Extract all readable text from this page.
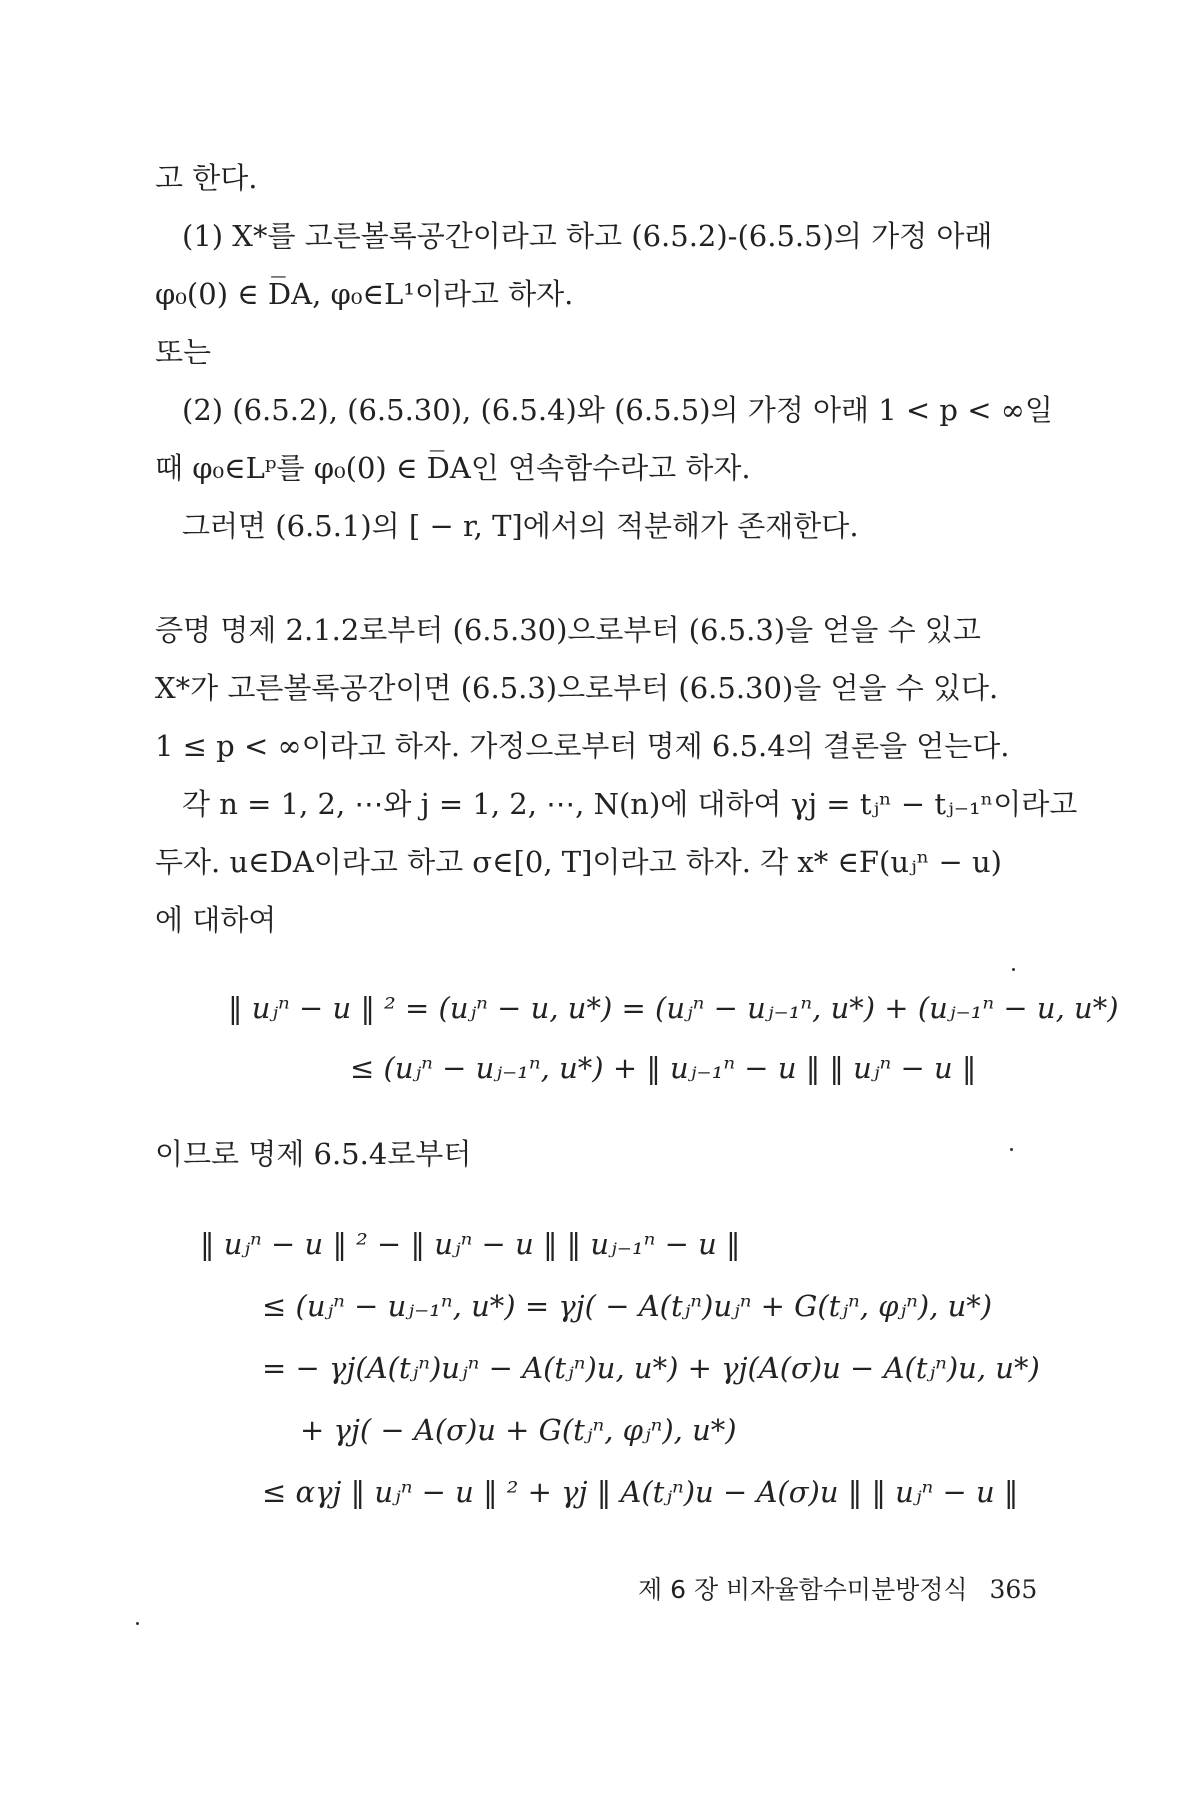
고 한다.
(1) X*를 고른볼록공간이라고 하고 (6.5.2)-(6.5.5)의 가정 아래
φ₀(0) ∈ D̅A, φ₀∈L¹이라고 하자.
또는
(2) (6.5.2), (6.5.30), (6.5.4)와 (6.5.5)의 가정 아래 1 < p < ∞일
때 φ₀∈Lᵖ를 φ₀(0) ∈ D̅A인 연속함수라고 하자.
그러면 (6.5.1)의 [ − r, T]에서의 적분해가 존재한다.
증명 명제 2.1.2로부터 (6.5.30)으로부터 (6.5.3)을 얻을 수 있고
X*가 고른볼록공간이면 (6.5.3)으로부터 (6.5.30)을 얻을 수 있다.
1 ≤ p < ∞이라고 하자. 가정으로부터 명제 6.5.4의 결론을 얻는다.
각 n = 1, 2, ⋯와 j = 1, 2, ⋯, N(n)에 대하여 γj = tⱼⁿ − tⱼ₋₁ⁿ이라고
두자. u∈DA이라고 하고 σ∈[0, T]이라고 하자. 각 x* ∈F(uⱼⁿ − u)
에 대하여
‖ uⱼⁿ − u ‖ ² = (uⱼⁿ − u, u*) = (uⱼⁿ − uⱼ₋₁ⁿ, u*) + (uⱼ₋₁ⁿ − u, u*)
≤ (uⱼⁿ − uⱼ₋₁ⁿ, u*) + ‖ uⱼ₋₁ⁿ − u ‖ ‖ uⱼⁿ − u ‖
이므로 명제 6.5.4로부터
‖ uⱼⁿ − u ‖ ² − ‖ uⱼⁿ − u ‖ ‖ uⱼ₋₁ⁿ − u ‖
≤ (uⱼⁿ − uⱼ₋₁ⁿ, u*) = γj( − A(tⱼⁿ)uⱼⁿ + G(tⱼⁿ, φⱼⁿ), u*)
= − γj(A(tⱼⁿ)uⱼⁿ − A(tⱼⁿ)u, u*) + γj(A(σ)u − A(tⱼⁿ)u, u*)
+ γj( − A(σ)u + G(tⱼⁿ, φⱼⁿ), u*)
≤ αγj ‖ uⱼⁿ − u ‖ ² + γj ‖ A(tⱼⁿ)u − A(σ)u ‖ ‖ uⱼⁿ − u ‖
제 6 장 비자율함수미분방정식 365
